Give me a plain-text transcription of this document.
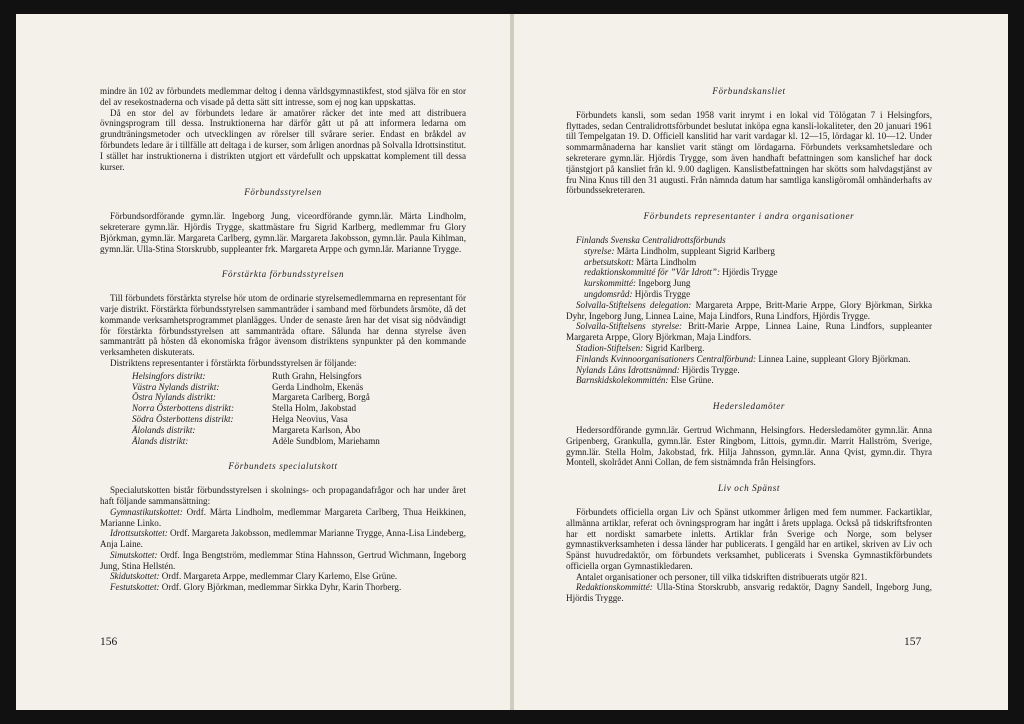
mindre än 102 av förbundets medlemmar deltog i denna världsgymnastikfest, stod själva för en stor del av resekostnaderna och visade på detta sätt sitt intresse, som ej nog kan uppskattas.

Då en stor del av förbundets ledare är amatörer räcker det inte med att distribuera övningsprogram till dessa. Instruktionerna har därför gått ut på att informera ledarna om grundträningsmetoder och utvecklingen av rörelser till svårare serier. Endast en bråkdel av förbundets ledare är i tillfälle att deltaga i de kurser, som årligen anordnas på Solvalla Idrottsinstitut. I stället har instruktionerna i distrikten utgjort ett värdefullt och uppskattat komplement till dessa kurser.

Förbundsstyrelsen

Förbundsordförande gymn.lär. Ingeborg Jung, viceordförande gymn.lär. Märta Lindholm, sekreterare gymn.lär. Hjördis Trygge, skattmästare fru Sigrid Karlberg, medlemmar fru Glory Björkman, gymn.lär. Margareta Carlberg, gymn.lär. Margareta Jakobsson, gymn.lär. Paula Kihlman, gymn.lär. Ulla-Stina Storskrubb, suppleanter frk. Margareta Arppe och gymn.lär. Marianne Trygge.

Förstärkta förbundsstyrelsen

Till förbundets förstärkta styrelse hör utom de ordinarie styrelsemedlemmarna en representant för varje distrikt. Förstärkta förbundsstyrelsen sammanträder i samband med förbundets årsmöte, då det kommande verksamhetsprogrammet planlägges. Under de senaste åren har det visat sig nödvändigt för förstärkta förbundsstyrelsen att sammanträda oftare. Sålunda har denna styrelse även sammanträtt på hösten då ekonomiska frågor ävensom distriktens synpunkter på den kommande verksamheten diskuterats.

Distriktens representanter i förstärkta förbundsstyrelsen är följande:

Helsingfors distrikt:	Ruth Grahn, Helsingfors
Västra Nylands distrikt:	Gerda Lindholm, Ekenäs
Östra Nylands distrikt:	Margareta Carlberg, Borgå
Norra Österbottens distrikt:	Stella Holm, Jakobstad
Södra Österbottens distrikt:	Helga Neovius, Vasa
Ålolands distrikt:	Margareta Karlson, Åbo
Ålands distrikt:	Adèle Sundblom, Mariehamn
Förbundets specialutskott

Specialutskotten bistår förbundsstyrelsen i skolnings- och propagandafrågor och har under året haft följande sammansättning:

Gymnastikutskottet: Ordf. Märta Lindholm, medlemmar Margareta Carlberg, Thua Heikkinen, Marianne Linko.

Idrottsutskottet: Ordf. Margareta Jakobsson, medlemmar Marianne Trygge, Anna-Lisa Lindeberg, Anja Laine.

Simutskottet: Ordf. Inga Bengtström, medlemmar Stina Hahnsson, Gertrud Wichmann, Ingeborg Jung, Stina Hellstén.

Skidutskottet: Ordf. Margareta Arppe, medlemmar Clary Karlemo, Else Grüne.

Festutskottet: Ordf. Glory Björkman, medlemmar Sirkka Dyhr, Karin Thorberg.

156
Förbundskansliet

Förbundets kansli, som sedan 1958 varit inrymt i en lokal vid Tölögatan 7 i Helsingfors, flyttades, sedan Centralidrottsförbundet beslutat inköpa egna kansli-lokaliteter, den 20 januari 1961 till Tempelgatan 19. D. Officiell kanslitid har varit vardagar kl. 12—15, lördagar kl. 10—12. Under sommarmånaderna har kansliet varit stängt om lördagarna. Förbundets verksamhetsledare och sekreterare gymn.lär. Hjördis Trygge, som även handhaft befattningen som kanslichef har dock tjänstgjort på kansliet från kl. 9.00 dagligen. Kanslistbefattningen har skötts som halvdagstjänst av fru Nina Knus till den 31 augusti. Från nämnda datum har samtliga kansligöromål omhänderhafts av förbundssekreteraren.

Förbundets representanter i andra organisationer

Finlands Svenska Centralidrottsförbunds

styrelse: Märta Lindholm, suppleant Sigrid Karlberg

arbetsutskott: Märta Lindholm

redaktionskommitté för ”Vår Idrott”: Hjördis Trygge

kurskommitté: Ingeborg Jung

ungdomsråd: Hjördis Trygge

Solvalla-Stiftelsens delegation: Margareta Arppe, Britt-Marie Arppe, Glory Björkman, Sirkka Dyhr, Ingeborg Jung, Linnea Laine, Maja Lindfors, Runa Lindfors, Hjördis Trygge.

Solvalla-Stiftelsens styrelse: Britt-Marie Arppe, Linnea Laine, Runa Lindfors, suppleanter Margareta Arppe, Glory Björkman, Maja Lindfors.

Stadion-Stiftelsen: Sigrid Karlberg.

Finlands Kvinnoorganisationers Centralförbund: Linnea Laine, suppleant Glory Björkman.

Nylands Läns Idrottsnämnd: Hjördis Trygge.

Barnskidskolekommittén: Else Grüne.

Hedersledamöter

Hedersordförande gymn.lär. Gertrud Wichmann, Helsingfors. Hedersledamöter gymn.lär. Anna Gripenberg, Grankulla, gymn.lär. Ester Ringbom, Littois, gymn.dir. Marrit Hallström, Sverige, gymn.lär. Stella Holm, Jakobstad, frk. Hilja Jahnsson, gymn.lär. Anna Qvist, gymn.dir. Thyra Montell, skolrådet Anni Collan, de fem sistnämnda från Helsingfors.

Liv och Spänst

Förbundets officiella organ Liv och Spänst utkommer årligen med fem nummer. Fackartiklar, allmänna artiklar, referat och övningsprogram har ingått i årets upplaga. Också på tidskriftsfronten har ett nordiskt samarbete inletts. Artiklar från Sverige och Norge, som belyser gymnastikverksamheten i dessa länder har publicerats. I gengäld har en artikel, skriven av Liv och Spänst huvudredaktör, om förbundets verksamhet, publicerats i Svenska Gymnastikförbundets officiella organ Gymnastikledaren.

Antalet organisationer och personer, till vilka tidskriften distribuerats utgör 821.

Redaktionskommitté: Ulla-Stina Storskrubb, ansvarig redaktör, Dagny Sandell, Ingeborg Jung, Hjördis Trygge.

157
